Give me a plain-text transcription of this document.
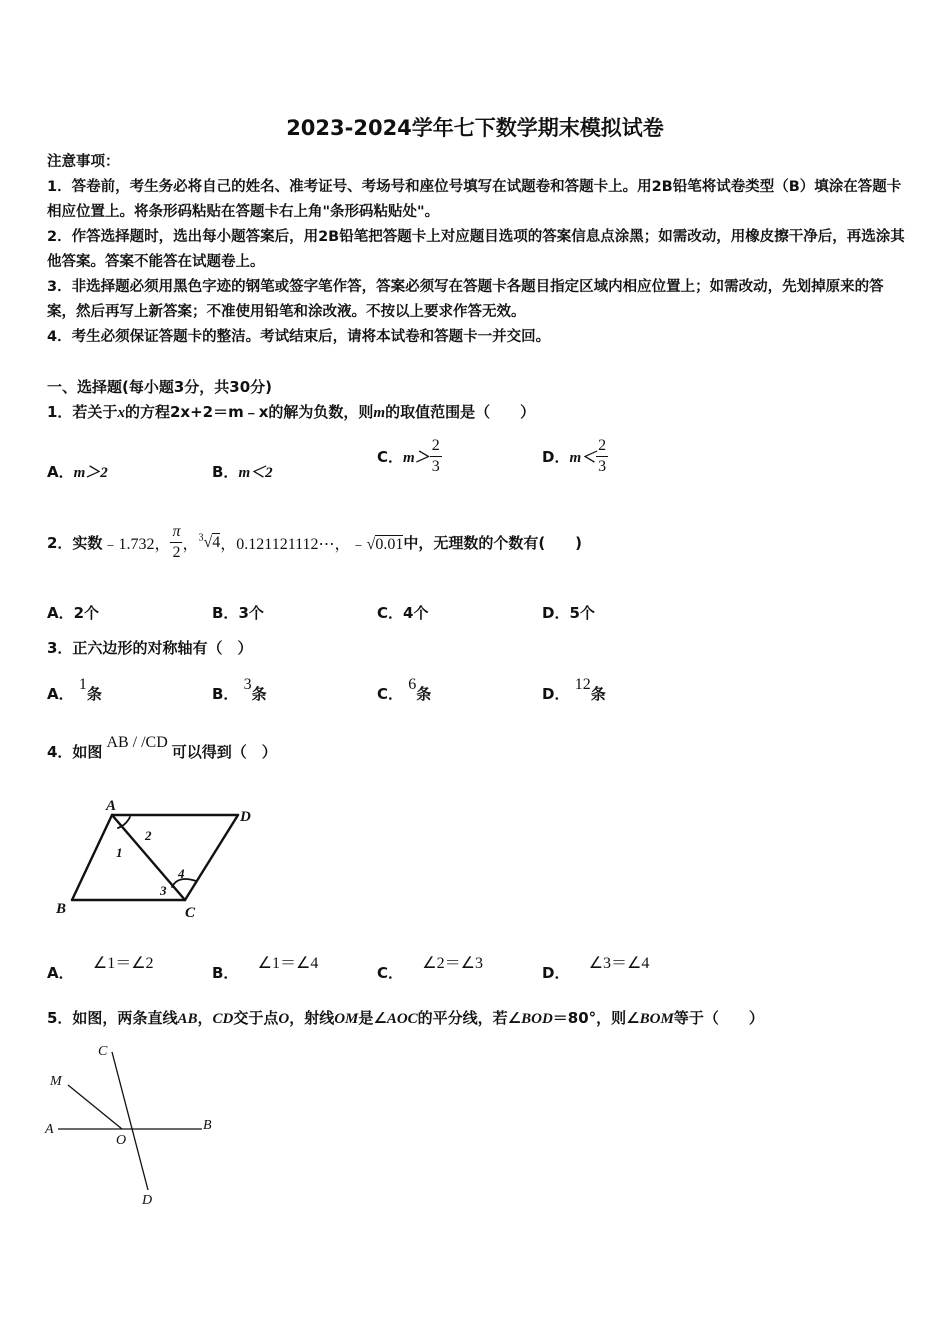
2023-2024学年七下数学期末模拟试卷

注意事项：

1．答卷前，考生务必将自己的姓名、准考证号、考场号和座位号填写在试题卷和答题卡上。用2B铅笔将试卷类型（B）填涂在答题卡相应位置上。将条形码粘贴在答题卡右上角"条形码粘贴处"。

2．作答选择题时，选出每小题答案后，用2B铅笔把答题卡上对应题目选项的答案信息点涂黑；如需改动，用橡皮擦干净后，再选涂其他答案。答案不能答在试题卷上。

3．非选择题必须用黑色字迹的钢笔或签字笔作答，答案必须写在答题卡各题目指定区域内相应位置上；如需改动，先划掉原来的答案，然后再写上新答案；不准使用铅笔和涂改液。不按以上要求作答无效。

4．考生必须保证答题卡的整洁。考试结束后，请将本试卷和答题卡一并交回。

一、选择题(每小题3分，共30分)
1．若关于x的方程2x+2＝m﹣x的解为负数，则m的取值范围是（　　）
A．m＞2	B．m＜2
C．$m> \frac{2}{3}$	D．$m< \frac{2}{3}$
2．实数﹣1.732， $\frac{\pi}{2}$ ，$^3$√4，0.121121112⋯，﹣√0.01中，无理数的个数有(　　)
A．2个	B．3个	C．4个	D．5个
3．正六边形的对称轴有（　）
A． 1条	B． 3条	C． 6条	D． 12条
4．如图AB / /CD可以得到（　）
A
D
B	C
1
2
3
4
A． ∠1＝∠2
B． ∠1＝∠4
C． ∠2＝∠3
D． ∠3＝∠4
5．如图，两条直线AB，CD交于点O，射线OM是∠AOC的平分线，若∠BOD＝80°，则∠BOM等于（　　）
C
M
A	B
O
D
